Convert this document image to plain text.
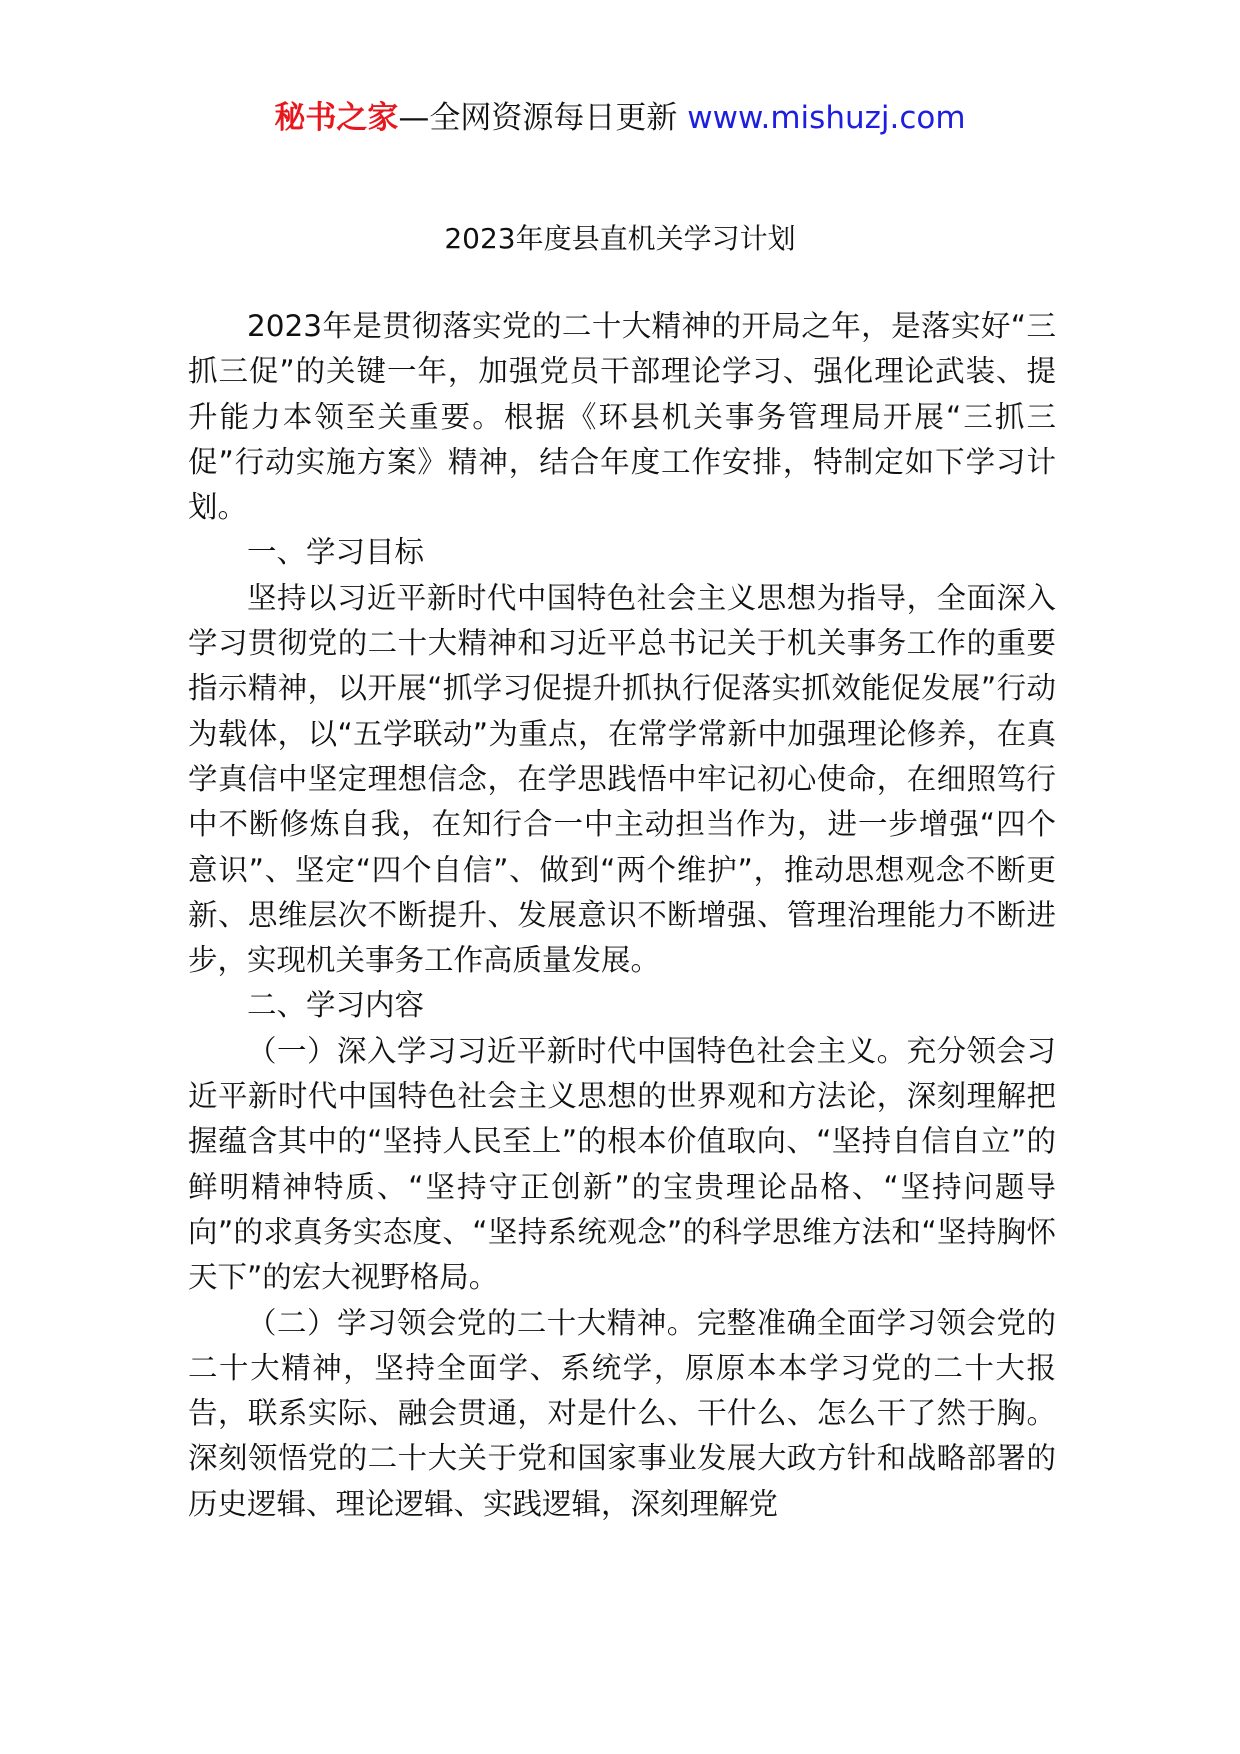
秘书之家—全网资源每日更新 www.mishuzj.com
2023年度县直机关学习计划

2023年是贯彻落实党的二十大精神的开局之年，是落实好“三抓三促”的关键一年，加强党员干部理论学习、强化理论武装、提升能力本领至关重要。根据《环县机关事务管理局开展“三抓三促”行动实施方案》精神，结合年度工作安排，特制定如下学习计划。

一、学习目标

坚持以习近平新时代中国特色社会主义思想为指导，全面深入学习贯彻党的二十大精神和习近平总书记关于机关事务工作的重要指示精神，以开展“抓学习促提升抓执行促落实抓效能促发展”行动为载体，以“五学联动”为重点，在常学常新中加强理论修养，在真学真信中坚定理想信念，在学思践悟中牢记初心使命，在细照笃行中不断修炼自我，在知行合一中主动担当作为，进一步增强“四个意识”、坚定“四个自信”、做到“两个维护”，推动思想观念不断更新、思维层次不断提升、发展意识不断增强、管理治理能力不断进步，实现机关事务工作高质量发展。

二、学习内容

（一）深入学习习近平新时代中国特色社会主义。充分领会习近平新时代中国特色社会主义思想的世界观和方法论，深刻理解把握蕴含其中的“坚持人民至上”的根本价值取向、“坚持自信自立”的鲜明精神特质、“坚持守正创新”的宝贵理论品格、“坚持问题导向”的求真务实态度、“坚持系统观念”的科学思维方法和“坚持胸怀天下”的宏大视野格局。

（二）学习领会党的二十大精神。完整准确全面学习领会党的二十大精神，坚持全面学、系统学，原原本本学习党的二十大报告，联系实际、融会贯通，对是什么、干什么、怎么干了然于胸。深刻领悟党的二十大关于党和国家事业发展大政方针和战略部署的历史逻辑、理论逻辑、实践逻辑，深刻理解党
